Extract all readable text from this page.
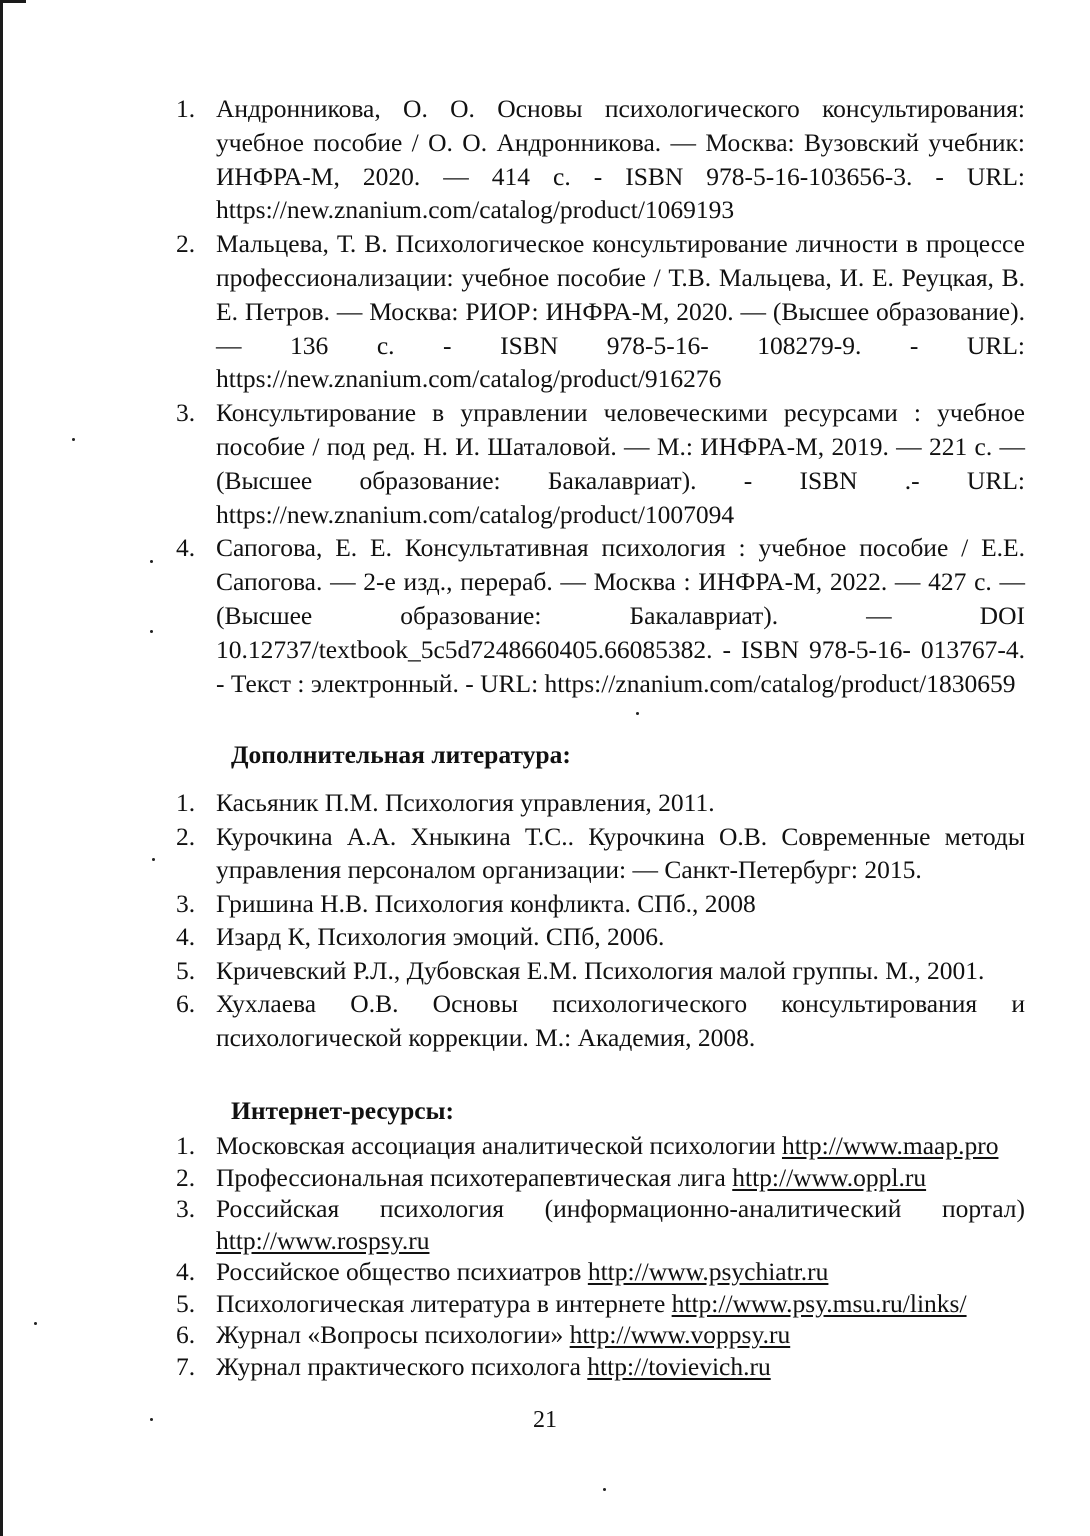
1. Андронникова, О. О. Основы психологического консультирования: учебное пособие / О. О. Андронникова. — Москва: Вузовский учебник: ИНФРА-М, 2020. — 414 с. - ISBN 978-5-16-103656-3. - URL: https://new.znanium.com/catalog/product/1069193
2. Мальцева, Т. В. Психологическое консультирование личности в процессе профессионализации: учебное пособие / Т.В. Мальцева, И. Е. Реуцкая, В. Е. Петров. — Москва: РИОР: ИНФРА-М, 2020. — (Высшее образование). — 136 с. - ISBN 978-5-16- 108279-9. - URL: https://new.znanium.com/catalog/product/916276
3. Консультирование в управлении человеческими ресурсами : учебное пособие / под ред. Н. И. Шаталовой. — М.: ИНФРА-М, 2019. — 221 с. — (Высшее образование: Бакалавриат). - ISBN .- URL: https://new.znanium.com/catalog/product/1007094
4. Сапогова, Е. Е. Консультативная психология : учебное пособие / Е.Е. Сапогова. — 2-е изд., перераб. — Москва : ИНФРА-М, 2022. — 427 с. — (Высшее образование: Бакалавриат). — DOI 10.12737/textbook_5c5d7248660405.66085382. - ISBN 978-5-16- 013767-4. - Текст : электронный. - URL: https://znanium.com/catalog/product/1830659
Дополнительная литература:
1. Касьяник П.М. Психология управления, 2011.
2. Курочкина А.А. Хныкина Т.С.. Курочкина О.В. Современные методы управления персоналом организации: — Санкт-Петербург: 2015.
3. Гришина Н.В. Психология конфликта. СПб., 2008
4. Изард К, Психология эмоций. СПб, 2006.
5. Кричевский Р.Л., Дубовская Е.М. Психология малой группы. М., 2001.
6. Хухлаева О.В. Основы психологического консультирования и психологической коррекции. М.: Академия, 2008.
Интернет-ресурсы:
1. Московская ассоциация аналитической психологии http://www.maap.pro
2. Профессиональная психотерапевтическая лига http://www.oppl.ru
3. Российская психология (информационно-аналитический портал) http://www.rospsy.ru
4. Российское общество психиатров http://www.psychiatr.ru
5. Психологическая литература в интернете http://www.psy.msu.ru/links/
6. Журнал «Вопросы психологии» http://www.voppsy.ru
7. Журнал практического психолога http://tovievich.ru
21
